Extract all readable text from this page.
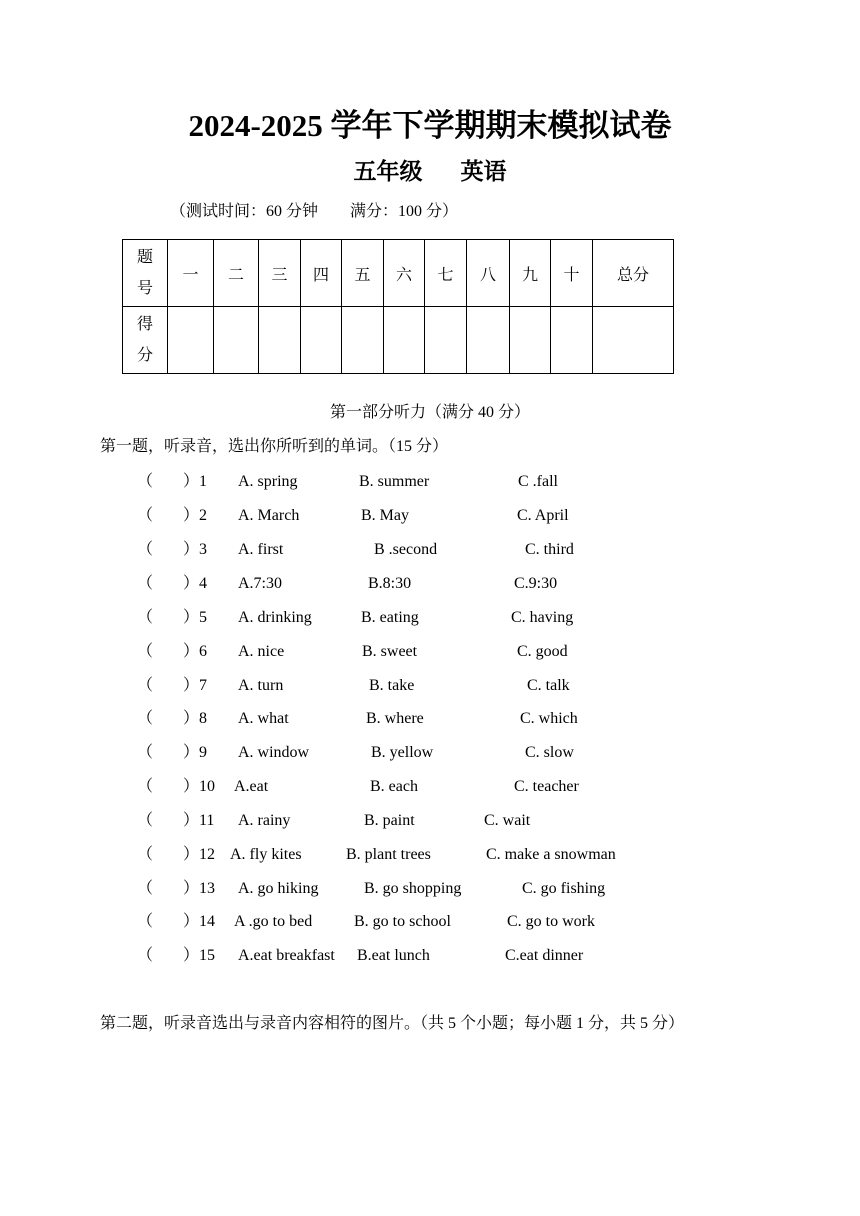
2024-2025 学年下学期期末模拟试卷
五年级 英语
（测试时间：60 分钟 满分：100 分）
题
号	一	二	三	四	五	六	七	八	九	十	总分

得
分											

第一部分听力（满分 40 分）
第一题，听录音，选出你所听到的单词。（15 分）
（ ） 1 A. spring	B. summer	C .fall
（ ） 2 A. March	B. May	C. April
（ ） 3 A. first	B .second	C. third
（ ） 4 A.7:30	B.8:30	C.9:30
（ ） 5 A. drinking	B. eating	C. having
（ ） 6 A. nice	B. sweet	C. good
（ ） 7 A. turn	B. take	C. talk
（ ） 8 A. what	B. where	C. which
（ ） 9 A. window	B. yellow	C. slow
（ ） 10 A.eat	B. each	C. teacher
（ ） 11 A. rainy	B. paint	C. wait
（ ） 12 A. fly kites	B. plant trees	C. make a snowman
（ ） 13 A. go hiking	B. go shopping	C. go fishing
（ ） 14 A .go to bed	B. go to school	C. go to work
（ ） 15 A.eat breakfast B.eat lunch	C.eat dinner
第二题，听录音选出与录音内容相符的图片。（共 5 个小题；每小题 1 分，共 5 分）
